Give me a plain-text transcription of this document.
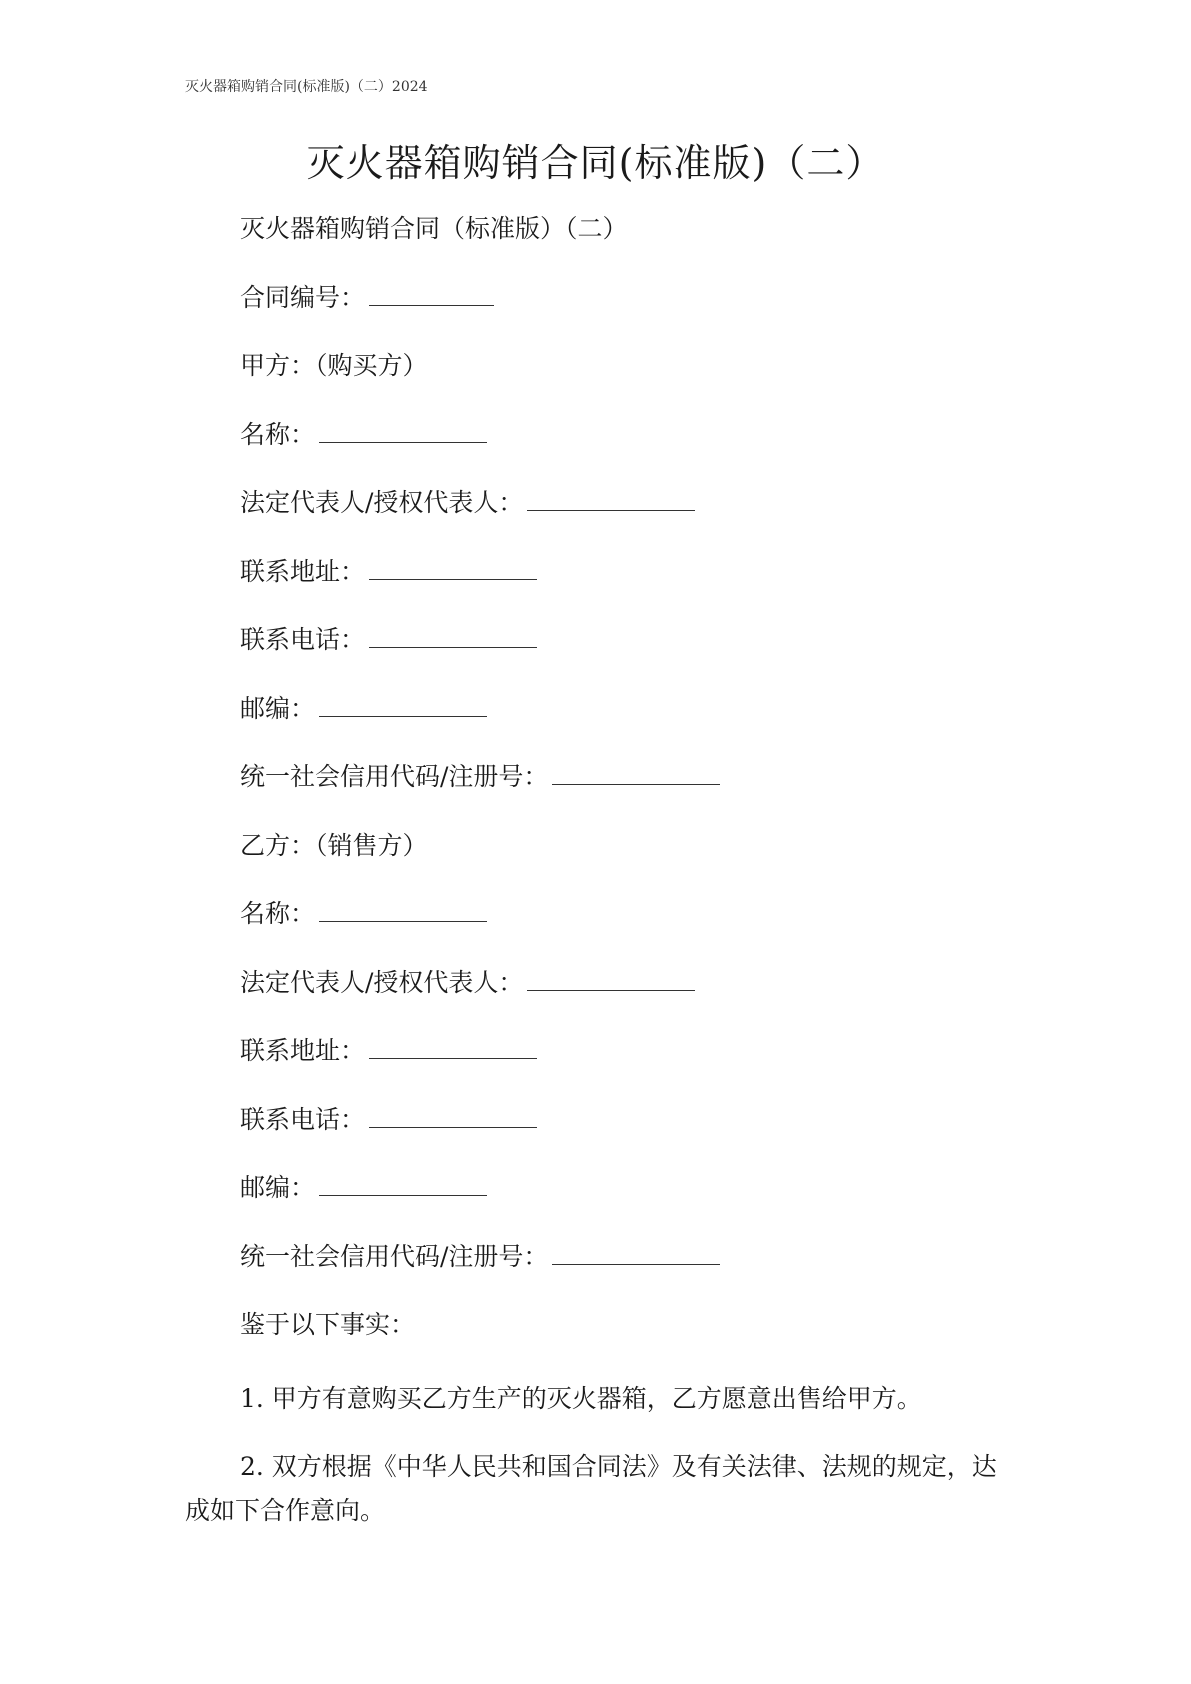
灭火器箱购销合同(标准版)（二）2024
灭火器箱购销合同(标准版)（二）
灭火器箱购销合同（标准版）（二）
合同编号：
甲方：（购买方）
名称：
法定代表人/授权代表人：
联系地址：
联系电话：
邮编：
统一社会信用代码/注册号：
乙方：（销售方）
名称：
法定代表人/授权代表人：
联系地址：
联系电话：
邮编：
统一社会信用代码/注册号：
鉴于以下事实：

1. 甲方有意购买乙方生产的灭火器箱，乙方愿意出售给甲方。

2. 双方根据《中华人民共和国合同法》及有关法律、法规的规定，达成如下合作意向。
